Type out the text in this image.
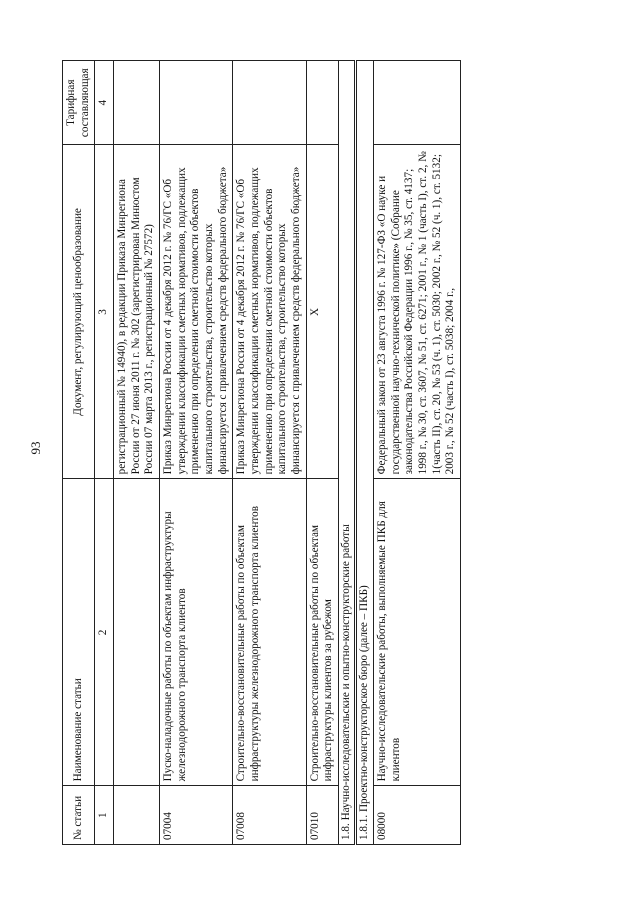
93
№ статьи	Наименование статьи	Документ, регулирующий ценообразование	Тарифная составляющая
1	2	3	4
		регистрационный № 14940), в редакции Приказа Минрегиона России от 27 июня 2011 г. № 302 (зарегистрирован Минюстом России 07 марта 2013 г., регистрационный № 27572)	
07004	Пуско-наладочные работы по объектам инфраструктуры железнодорожного транспорта клиентов	Приказ Минрегиона России от 4 декабря 2012 г. № 76/ГС «Об утверждении классификации сметных нормативов, подлежащих применению при определении сметной стоимости объектов капитального строительства, строительство которых финансируется с привлечением средств федерального бюджета»	
07008	Строительно-восстановительные работы по объектам инфраструктуры железнодорожного транспорта клиентов	Приказ Минрегиона России от 4 декабря 2012 г. № 76/ГС «Об утверждении классификации сметных нормативов, подлежащих применению при определении сметной стоимости объектов капитального строительства, строительство которых финансируется с привлечением средств федерального бюджета»	
07010	Строительно-восстановительные работы по объектам инфраструктуры клиентов за рубежом	X	
1.8. Научно-исследовательские и опытно-конструкторские работы			
1.8.1. Проектно-конструкторское бюро (далее – ПКБ)			
08000	Научно-исследовательские работы, выполняемые ПКБ для клиентов	Федеральный закон от 23 августа 1996 г. № 127-ФЗ «О науке и государственной научно-технической политике» (Собрание законодательства Российской Федерации 1996 г., № 35, ст. 4137; 1998 г., № 30, ст. 3607, № 51, ст. 6271; 2001 г., № 1 (часть I), ст. 2, № 1(часть II), ст. 20, № 53 (ч. 1), ст. 5030; 2002 г., № 52 (ч. 1), ст. 5132; 2003 г., № 52 (часть I), ст. 5038; 2004 г.,	
